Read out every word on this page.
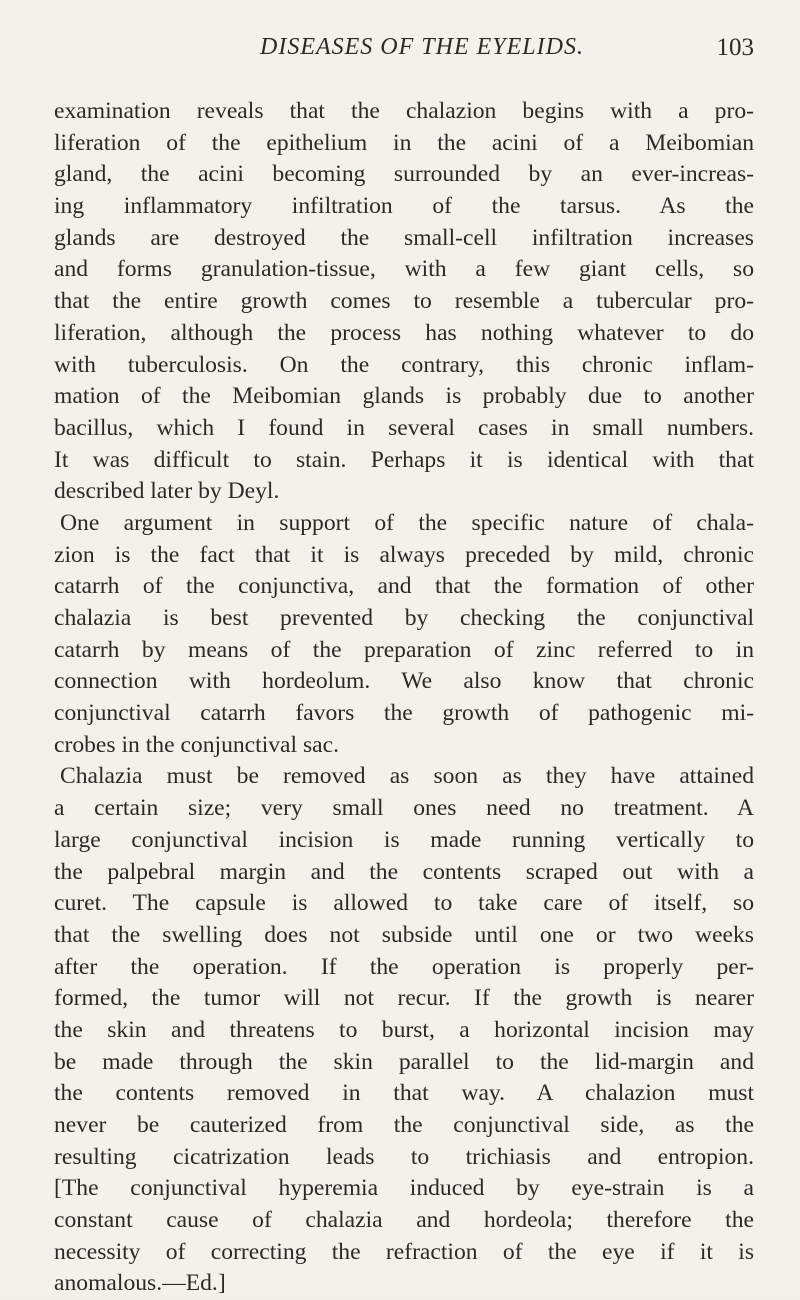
DISEASES OF THE EYELIDS.	103
examination reveals that the chalazion begins with a pro-
liferation of the epithelium in the acini of a Meibomian
gland, the acini becoming surrounded by an ever-increas-
ing inflammatory infiltration of the tarsus. As the
glands are destroyed the small-cell infiltration increases
and forms granulation-tissue, with a few giant cells, so
that the entire growth comes to resemble a tubercular pro-
liferation, although the process has nothing whatever to do
with tuberculosis. On the contrary, this chronic inflam-
mation of the Meibomian glands is probably due to another
bacillus, which I found in several cases in small numbers.
It was difficult to stain. Perhaps it is identical with that
described later by Deyl.
One argument in support of the specific nature of chala-
zion is the fact that it is always preceded by mild, chronic
catarrh of the conjunctiva, and that the formation of other
chalazia is best prevented by checking the conjunctival
catarrh by means of the preparation of zinc referred to in
connection with hordeolum. We also know that chronic
conjunctival catarrh favors the growth of pathogenic mi-
crobes in the conjunctival sac.
Chalazia must be removed as soon as they have attained
a certain size; very small ones need no treatment. A
large conjunctival incision is made running vertically to
the palpebral margin and the contents scraped out with a
curet. The capsule is allowed to take care of itself, so
that the swelling does not subside until one or two weeks
after the operation. If the operation is properly per-
formed, the tumor will not recur. If the growth is nearer
the skin and threatens to burst, a horizontal incision may
be made through the skin parallel to the lid-margin and
the contents removed in that way. A chalazion must
never be cauterized from the conjunctival side, as the
resulting cicatrization leads to trichiasis and entropion.
[The conjunctival hyperemia induced by eye-strain is a
constant cause of chalazia and hordeola; therefore the
necessity of correcting the refraction of the eye if it is
anomalous.—Ed.]
